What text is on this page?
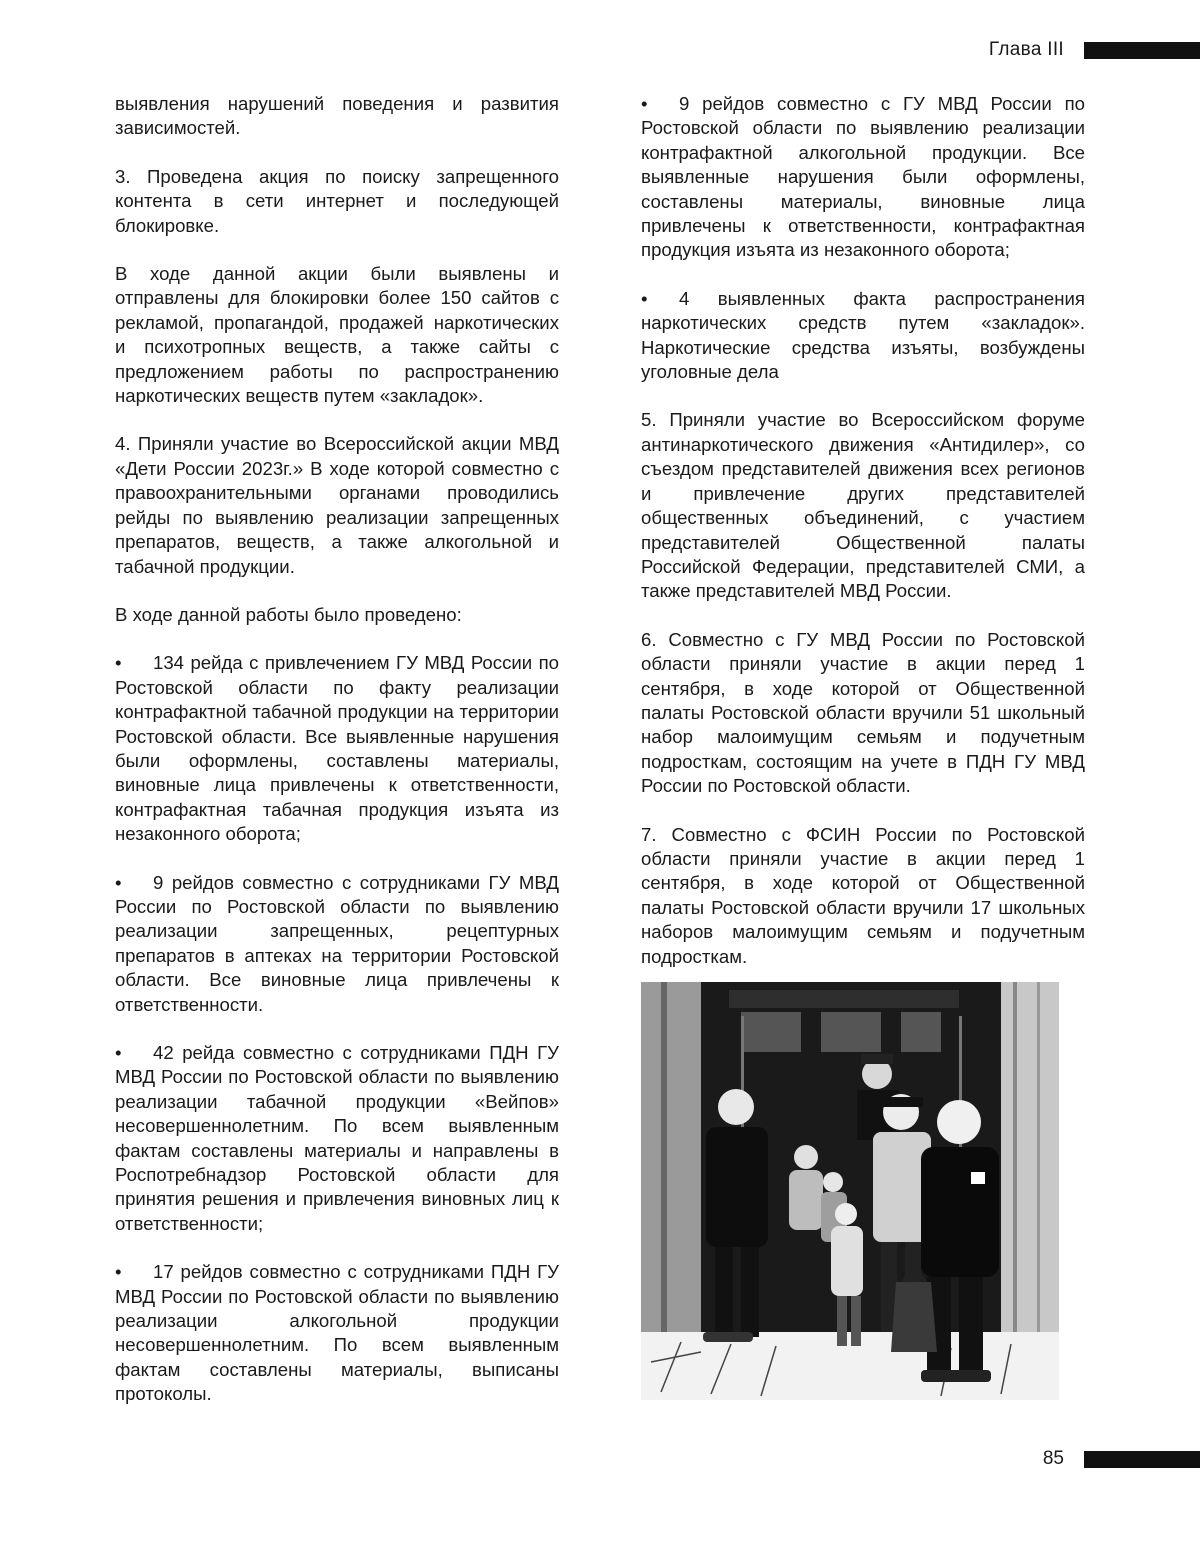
Глава III

выявления нарушений поведения и развития зависимостей.

3. Проведена акция по поиску запрещенного контента в сети интернет и последующей блокировке.

В ходе данной акции были выявлены и отправлены для блокировки более 150 сайтов с рекламой, пропагандой, продажей наркотических и психотропных веществ, а также сайты с предложением работы по распространению наркотических веществ путем «закладок».

4. Приняли участие во Всероссийской акции МВД «Дети России 2023г.» В ходе которой совместно с правоохранительными органами проводились рейды по выявлению реализации запрещенных препаратов, веществ, а также алкогольной и табачной продукции.

В ходе данной работы было проведено:

• 134 рейда с привлечением ГУ МВД России по Ростовской области по факту реализации контрафактной табачной продукции на территории Ростовской области. Все выявленные нарушения были оформлены, составлены материалы, виновные лица привлечены к ответственности, контрафактная табачная продукция изъята из незаконного оборота;

• 9 рейдов совместно с сотрудниками ГУ МВД России по Ростовской области по выявлению реализации запрещенных, рецептурных препаратов в аптеках на территории Ростовской области. Все виновные лица привлечены к ответственности.

• 42 рейда совместно с сотрудниками ПДН ГУ МВД России по Ростовской области по выявлению реализации табачной продукции «Вейпов» несовершеннолетним. По всем выявленным фактам составлены материалы и направлены в Роспотребнадзор Ростовской области для принятия решения и привлечения виновных лиц к ответственности;

• 17 рейдов совместно с сотрудниками ПДН ГУ МВД России по Ростовской области по выявлению реализации алкогольной продукции несовершеннолетним. По всем выявленным фактам составлены материалы, выписаны протоколы.

• 9 рейдов совместно с ГУ МВД России по Ростовской области по выявлению реализации контрафактной алкогольной продукции. Все выявленные нарушения были оформлены, составлены материалы, виновные лица привлечены к ответственности, контрафактная продукция изъята из незаконного оборота;

• 4 выявленных факта распространения наркотических средств путем «закладок». Наркотические средства изъяты, возбуждены уголовные дела

5. Приняли участие во Всероссийском форуме антинаркотического движения «Антидилер», со съездом представителей движения всех регионов и привлечение других представителей общественных объединений, с участием представителей Общественной палаты Российской Федерации, представителей СМИ, а также представителей МВД России.

6. Совместно с ГУ МВД России по Ростовской области приняли участие в акции перед 1 сентября, в ходе которой от Общественной палаты Ростовской области вручили 51 школьный набор малоимущим семьям и подучетным подросткам, состоящим на учете в ПДН ГУ МВД России по Ростовской области.

7. Совместно с ФСИН России по Ростовской области приняли участие в акции перед 1 сентября, в ходе которой от Общественной палаты Ростовской области вручили 17 школьных наборов малоимущим семьям и подучетным подросткам.

85
